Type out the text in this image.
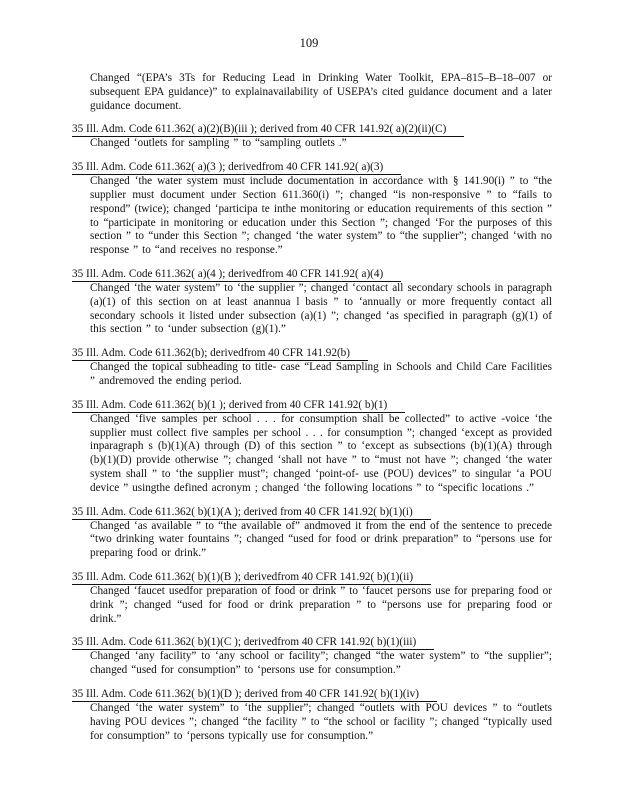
109
Changed “(EPA’s 3Ts for Reducing Lead in Drinking Water Toolkit, EPA–815–B–18–007 or subsequent EPA guidance)” to explainavailability of USEPA’s cited guidance document and a later guidance document.
35 Ill. Adm. Code 611.362( a)(2)(B)(iii ); derived from 40 CFR 141.92( a)(2)(ii)(C)
Changed ‘outlets for sampling ” to “sampling outlets .”
35 Ill. Adm. Code 611.362( a)(3 ); derivedfrom 40 CFR 141.92( a)(3)
Changed ‘the water system must include documentation in accordance with § 141.90(i) ” to “the supplier must document under Section 611.360(i) ”; changed “is non-responsive ” to “fails to respond” (twice); changed ‘participa te inthe monitoring or education requirements of this section ” to “participate in monitoring or education under this Section ”; changed ‘For the purposes of this section ” to “under this Section ”; changed ‘the water system” to “the supplier”; changed ‘with no response ” to “and receives no response.”
35 Ill. Adm. Code 611.362( a)(4 ); derivedfrom 40 CFR 141.92( a)(4)
Changed ‘the water system” to ‘the supplier ”; changed ‘contact all secondary schools in paragraph (a)(1) of this section on at least anannua l basis ” to ‘annually or more frequently contact all secondary schools it listed under subsection (a)(1) ”; changed ‘as specified in paragraph (g)(1) of this section ” to ‘under subsection (g)(1).”
35 Ill. Adm. Code 611.362(b); derivedfrom 40 CFR 141.92(b)
Changed the topical subheading to title- case “Lead Sampling in Schools and Child Care Facilities ” andremoved the ending period.
35 Ill. Adm. Code 611.362( b)(1 ); derived from 40 CFR 141.92( b)(1)
Changed ‘five samples per school . . . for consumption shall be collected” to active -voice ‘the supplier must collect five samples per school . . . for consumption ”; changed ‘except as provided inparagraph s (b)(1)(A) through (D) of this section ” to ‘except as subsections (b)(1)(A) through (b)(1)(D) provide otherwise ”; changed ‘shall not have ” to “must not have ”; changed ‘the water system shall ” to ‘the supplier must”; changed ‘point-of- use (POU) devices” to singular ‘a POU device ” usingthe defined acronym ; changed ‘the following locations ” to “specific locations .”
35 Ill. Adm. Code 611.362( b)(1)(A ); derived from 40 CFR 141.92( b)(1)(i)
Changed ‘as available ” to “the available of” andmoved it from the end of the sentence to precede “two drinking water fountains ”; changed “used for food or drink preparation” to “persons use for preparing food or drink.”
35 Ill. Adm. Code 611.362( b)(1)(B ); derivedfrom 40 CFR 141.92( b)(1)(ii)
Changed ‘faucet usedfor preparation of food or drink ” to ‘faucet persons use for preparing food or drink ”; changed “used for food or drink preparation ” to “persons use for preparing food or drink.”
35 Ill. Adm. Code 611.362( b)(1)(C ); derivedfrom 40 CFR 141.92( b)(1)(iii)
Changed ‘any facility” to ‘any school or facility”; changed “the water system” to “the supplier”; changed “used for consumption” to ‘persons use for consumption.”
35 Ill. Adm. Code 611.362( b)(1)(D ); derived from 40 CFR 141.92( b)(1)(iv)
Changed ‘the water system” to ‘the supplier”; changed “outlets with POU devices ” to “outlets having POU devices ”; changed “the facility ” to “the school or facility ”; changed “typically used for consumption” to ‘persons typically use for consumption.”
